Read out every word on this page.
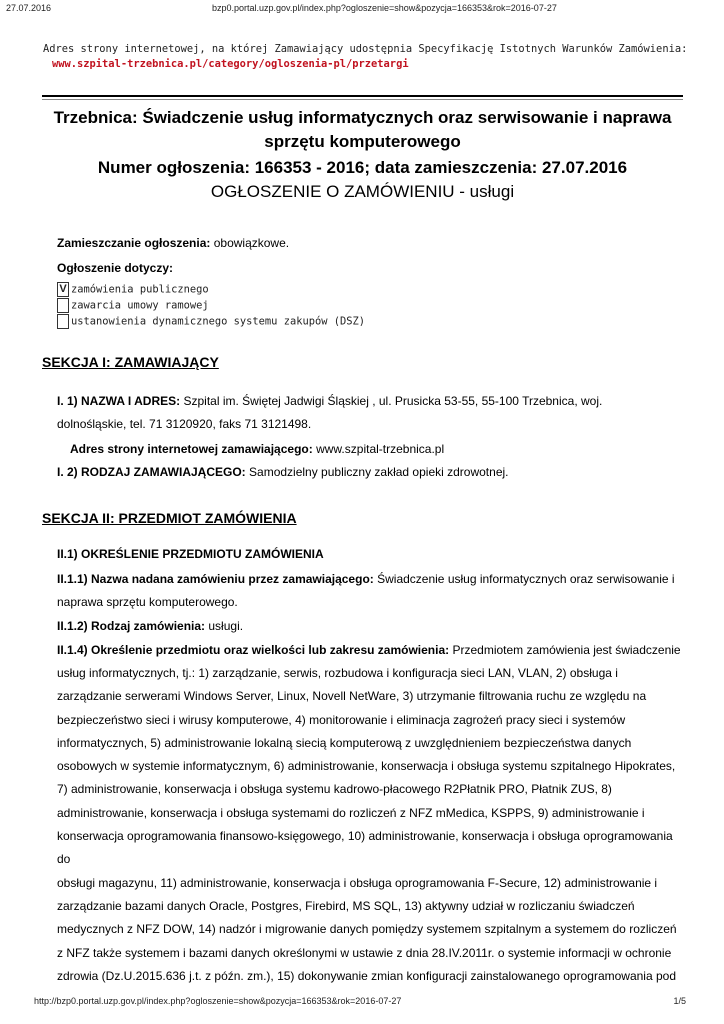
27.07.2016	bzp0.portal.uzp.gov.pl/index.php?ogloszenie=show&pozycja=166353&rok=2016-07-27
Adres strony internetowej, na której Zamawiający udostępnia Specyfikację Istotnych Warunków Zamówienia:
www.szpital-trzebnica.pl/category/ogloszenia-pl/przetargi
Trzebnica: Świadczenie usług informatycznych oraz serwisowanie i naprawa
sprzętu komputerowego
Numer ogłoszenia: 166353 - 2016; data zamieszczenia: 27.07.2016
OGŁOSZENIE O ZAMÓWIENIU - usługi
Zamieszczanie ogłoszenia: obowiązkowe.
Ogłoszenie dotyczy:
V zamówienia publicznego
zawarcia umowy ramowej
ustanowienia dynamicznego systemu zakupów (DSZ)
SEKCJA I: ZAMAWIAJĄCY
I. 1) NAZWA I ADRES: Szpital im. Świętej Jadwigi Śląskiej , ul. Prusicka 53-55, 55-100 Trzebnica, woj.
dolnośląskie, tel. 71 3120920, faks 71 3121498.
Adres strony internetowej zamawiającego: www.szpital-trzebnica.pl
I. 2) RODZAJ ZAMAWIAJĄCEGO: Samodzielny publiczny zakład opieki zdrowotnej.
SEKCJA II: PRZEDMIOT ZAMÓWIENIA
II.1) OKREŚLENIE PRZEDMIOTU ZAMÓWIENIA
II.1.1) Nazwa nadana zamówieniu przez zamawiającego: Świadczenie usług informatycznych oraz serwisowanie i
naprawa sprzętu komputerowego.
II.1.2) Rodzaj zamówienia: usługi.
II.1.4) Określenie przedmiotu oraz wielkości lub zakresu zamówienia: Przedmiotem zamówienia jest świadczenie
usług informatycznych, tj.: 1) zarządzanie, serwis, rozbudowa i konfiguracja sieci LAN, VLAN, 2) obsługa i
zarządzanie serwerami Windows Server, Linux, Novell NetWare, 3) utrzymanie filtrowania ruchu ze względu na
bezpieczeństwo sieci i wirusy komputerowe, 4) monitorowanie i eliminacja zagrożeń pracy sieci i systemów
informatycznych, 5) administrowanie lokalną siecią komputerową z uwzględnieniem bezpieczeństwa danych
osobowych w systemie informatycznym, 6) administrowanie, konserwacja i obsługa systemu szpitalnego Hipokrates,
7) administrowanie, konserwacja i obsługa systemu kadrowo-płacowego R2Płatnik PRO, Płatnik ZUS, 8)
administrowanie, konserwacja i obsługa systemami do rozliczeń z NFZ mMedica, KSPPS, 9) administrowanie i
konserwacja oprogramowania finansowo-księgowego, 10) administrowanie, konserwacja i obsługa oprogramowania do
obsługi magazynu, 11) administrowanie, konserwacja i obsługa oprogramowania F-Secure, 12) administrowanie i
zarządzanie bazami danych Oracle, Postgres, Firebird, MS SQL, 13) aktywny udział w rozliczaniu świadczeń
medycznych z NFZ DOW, 14) nadzór i migrowanie danych pomiędzy systemem szpitalnym a systemem do rozliczeń
z NFZ także systemem i bazami danych określonymi w ustawie z dnia 28.IV.2011r. o systemie informacji w ochronie
zdrowia (Dz.U.2015.636 j.t. z późn. zm.), 15) dokonywanie zmian konfiguracji zainstalowanego oprogramowania pod
http://bzp0.portal.uzp.gov.pl/index.php?ogloszenie=show&pozycja=166353&rok=2016-07-27	1/5
